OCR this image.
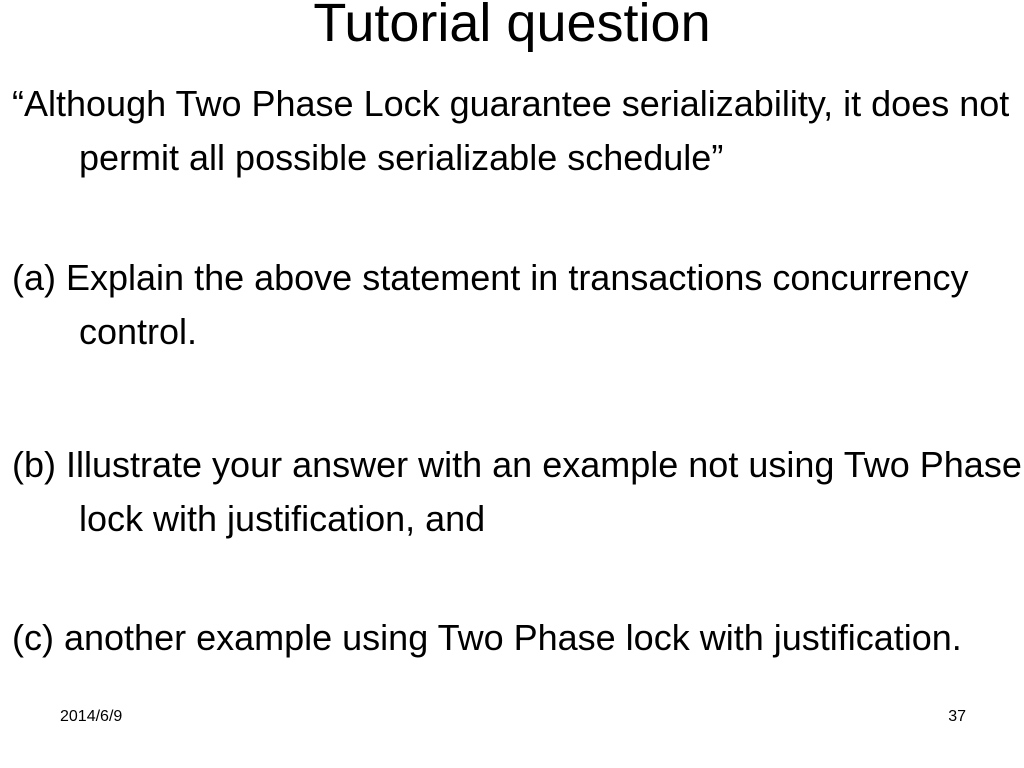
Tutorial question

“Although Two Phase Lock guarantee serializability, it does not permit all possible serializable schedule”

(a) Explain the above statement in transactions concurrency control.

(b) Illustrate your answer with an example not using Two Phase lock with justification, and

(c) another example using Two Phase lock with justification.

2014/6/9	37
